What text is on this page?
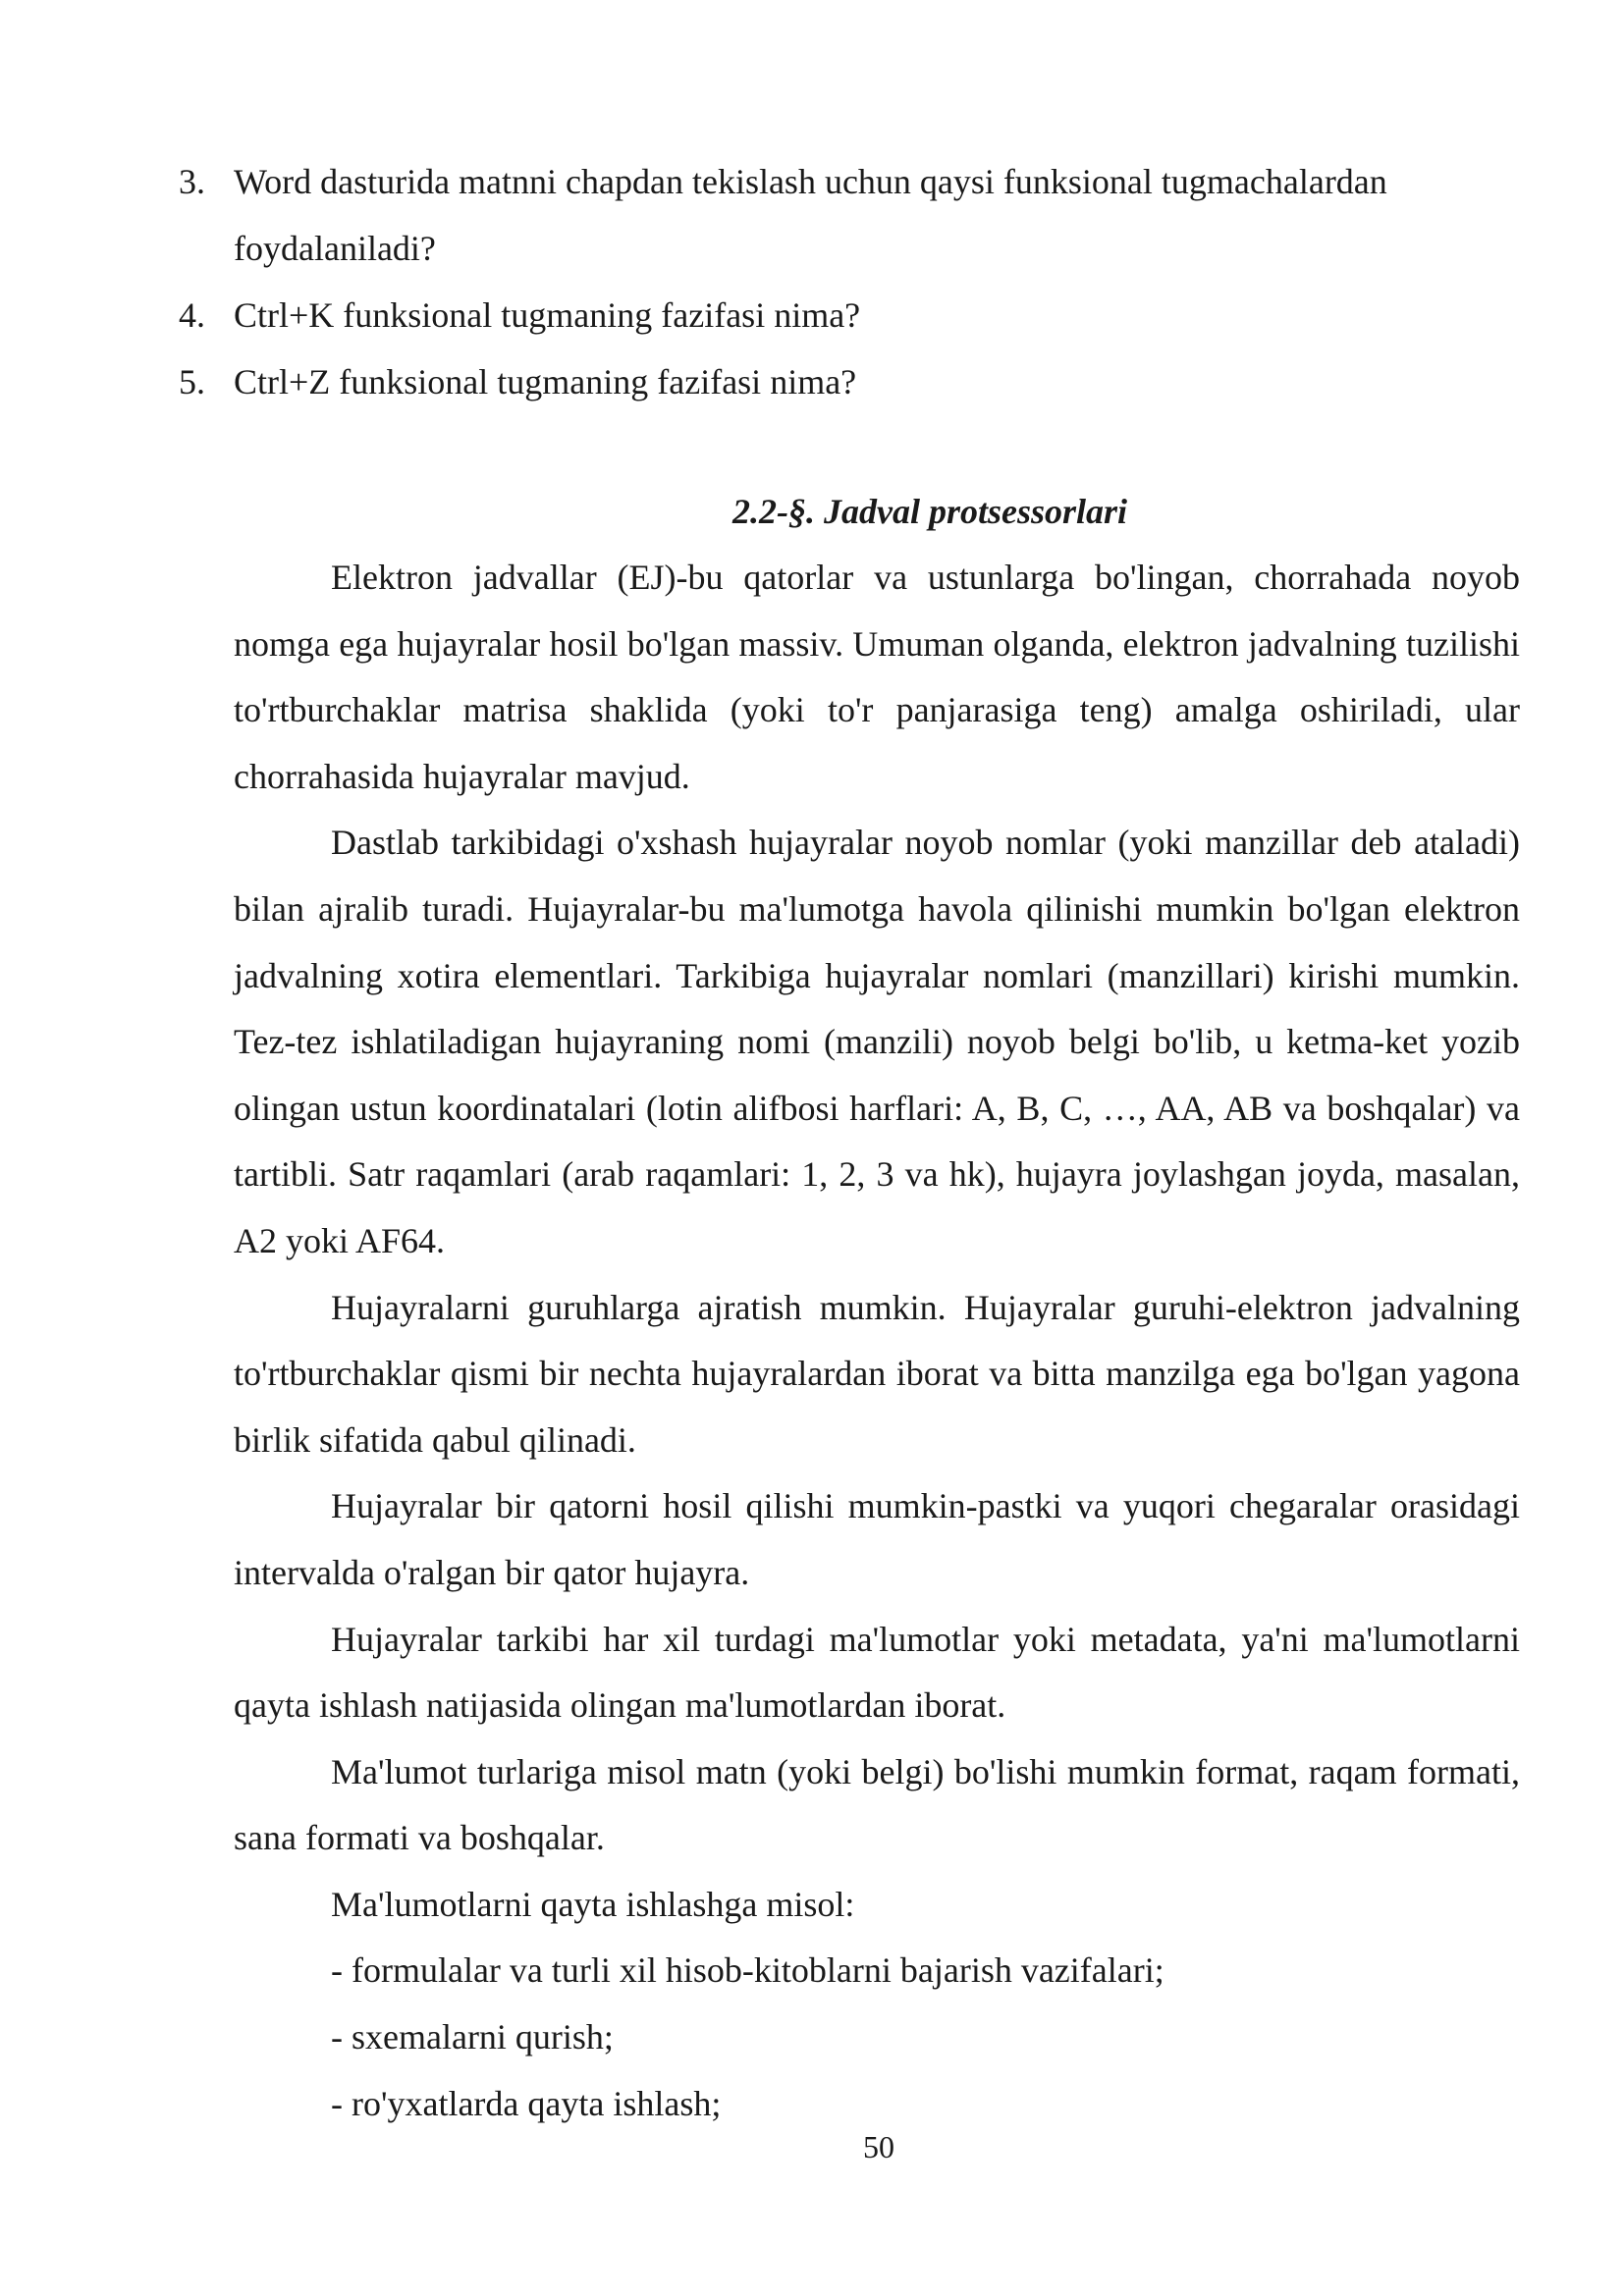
3. Word dasturida matnni chapdan tekislash uchun qaysi funksional tugmachalardan foydalaniladi?
4. Ctrl+K funksional tugmaning fazifasi nima?
5. Ctrl+Z funksional tugmaning fazifasi nima?
2.2-§. Jadval protsessorlari

Elektron jadvallar (EJ)-bu qatorlar va ustunlarga bo'lingan, chorrahada noyob nomga ega hujayralar hosil bo'lgan massiv. Umuman olganda, elektron jadvalning tuzilishi to'rtburchaklar matrisa shaklida (yoki to'r panjarasiga teng) amalga oshiriladi, ular chorrahasida hujayralar mavjud.

Dastlab tarkibidagi o'xshash hujayralar noyob nomlar (yoki manzillar deb ataladi) bilan ajralib turadi. Hujayralar-bu ma'lumotga havola qilinishi mumkin bo'lgan elektron jadvalning xotira elementlari. Tarkibiga hujayralar nomlari (manzillari) kirishi mumkin. Tez-tez ishlatiladigan hujayraning nomi (manzili) noyob belgi bo'lib, u ketma-ket yozib olingan ustun koordinatalari (lotin alifbosi harflari: A, B, C, …, AA, AB va boshqalar) va tartibli. Satr raqamlari (arab raqamlari: 1, 2, 3 va hk), hujayra joylashgan joyda, masalan, A2 yoki AF64.

Hujayralarni guruhlarga ajratish mumkin. Hujayralar guruhi-elektron jadvalning to'rtburchaklar qismi bir nechta hujayralardan iborat va bitta manzilga ega bo'lgan yagona birlik sifatida qabul qilinadi.

Hujayralar bir qatorni hosil qilishi mumkin-pastki va yuqori chegaralar orasidagi intervalda o'ralgan bir qator hujayra.

Hujayralar tarkibi har xil turdagi ma'lumotlar yoki metadata, ya'ni ma'lumotlarni qayta ishlash natijasida olingan ma'lumotlardan iborat.

Ma'lumot turlariga misol matn (yoki belgi) bo'lishi mumkin format, raqam formati, sana formati va boshqalar.

Ma'lumotlarni qayta ishlashga misol:

- formulalar va turli xil hisob-kitoblarni bajarish vazifalari;

- sxemalarni qurish;

- ro'yxatlarda qayta ishlash;

50
